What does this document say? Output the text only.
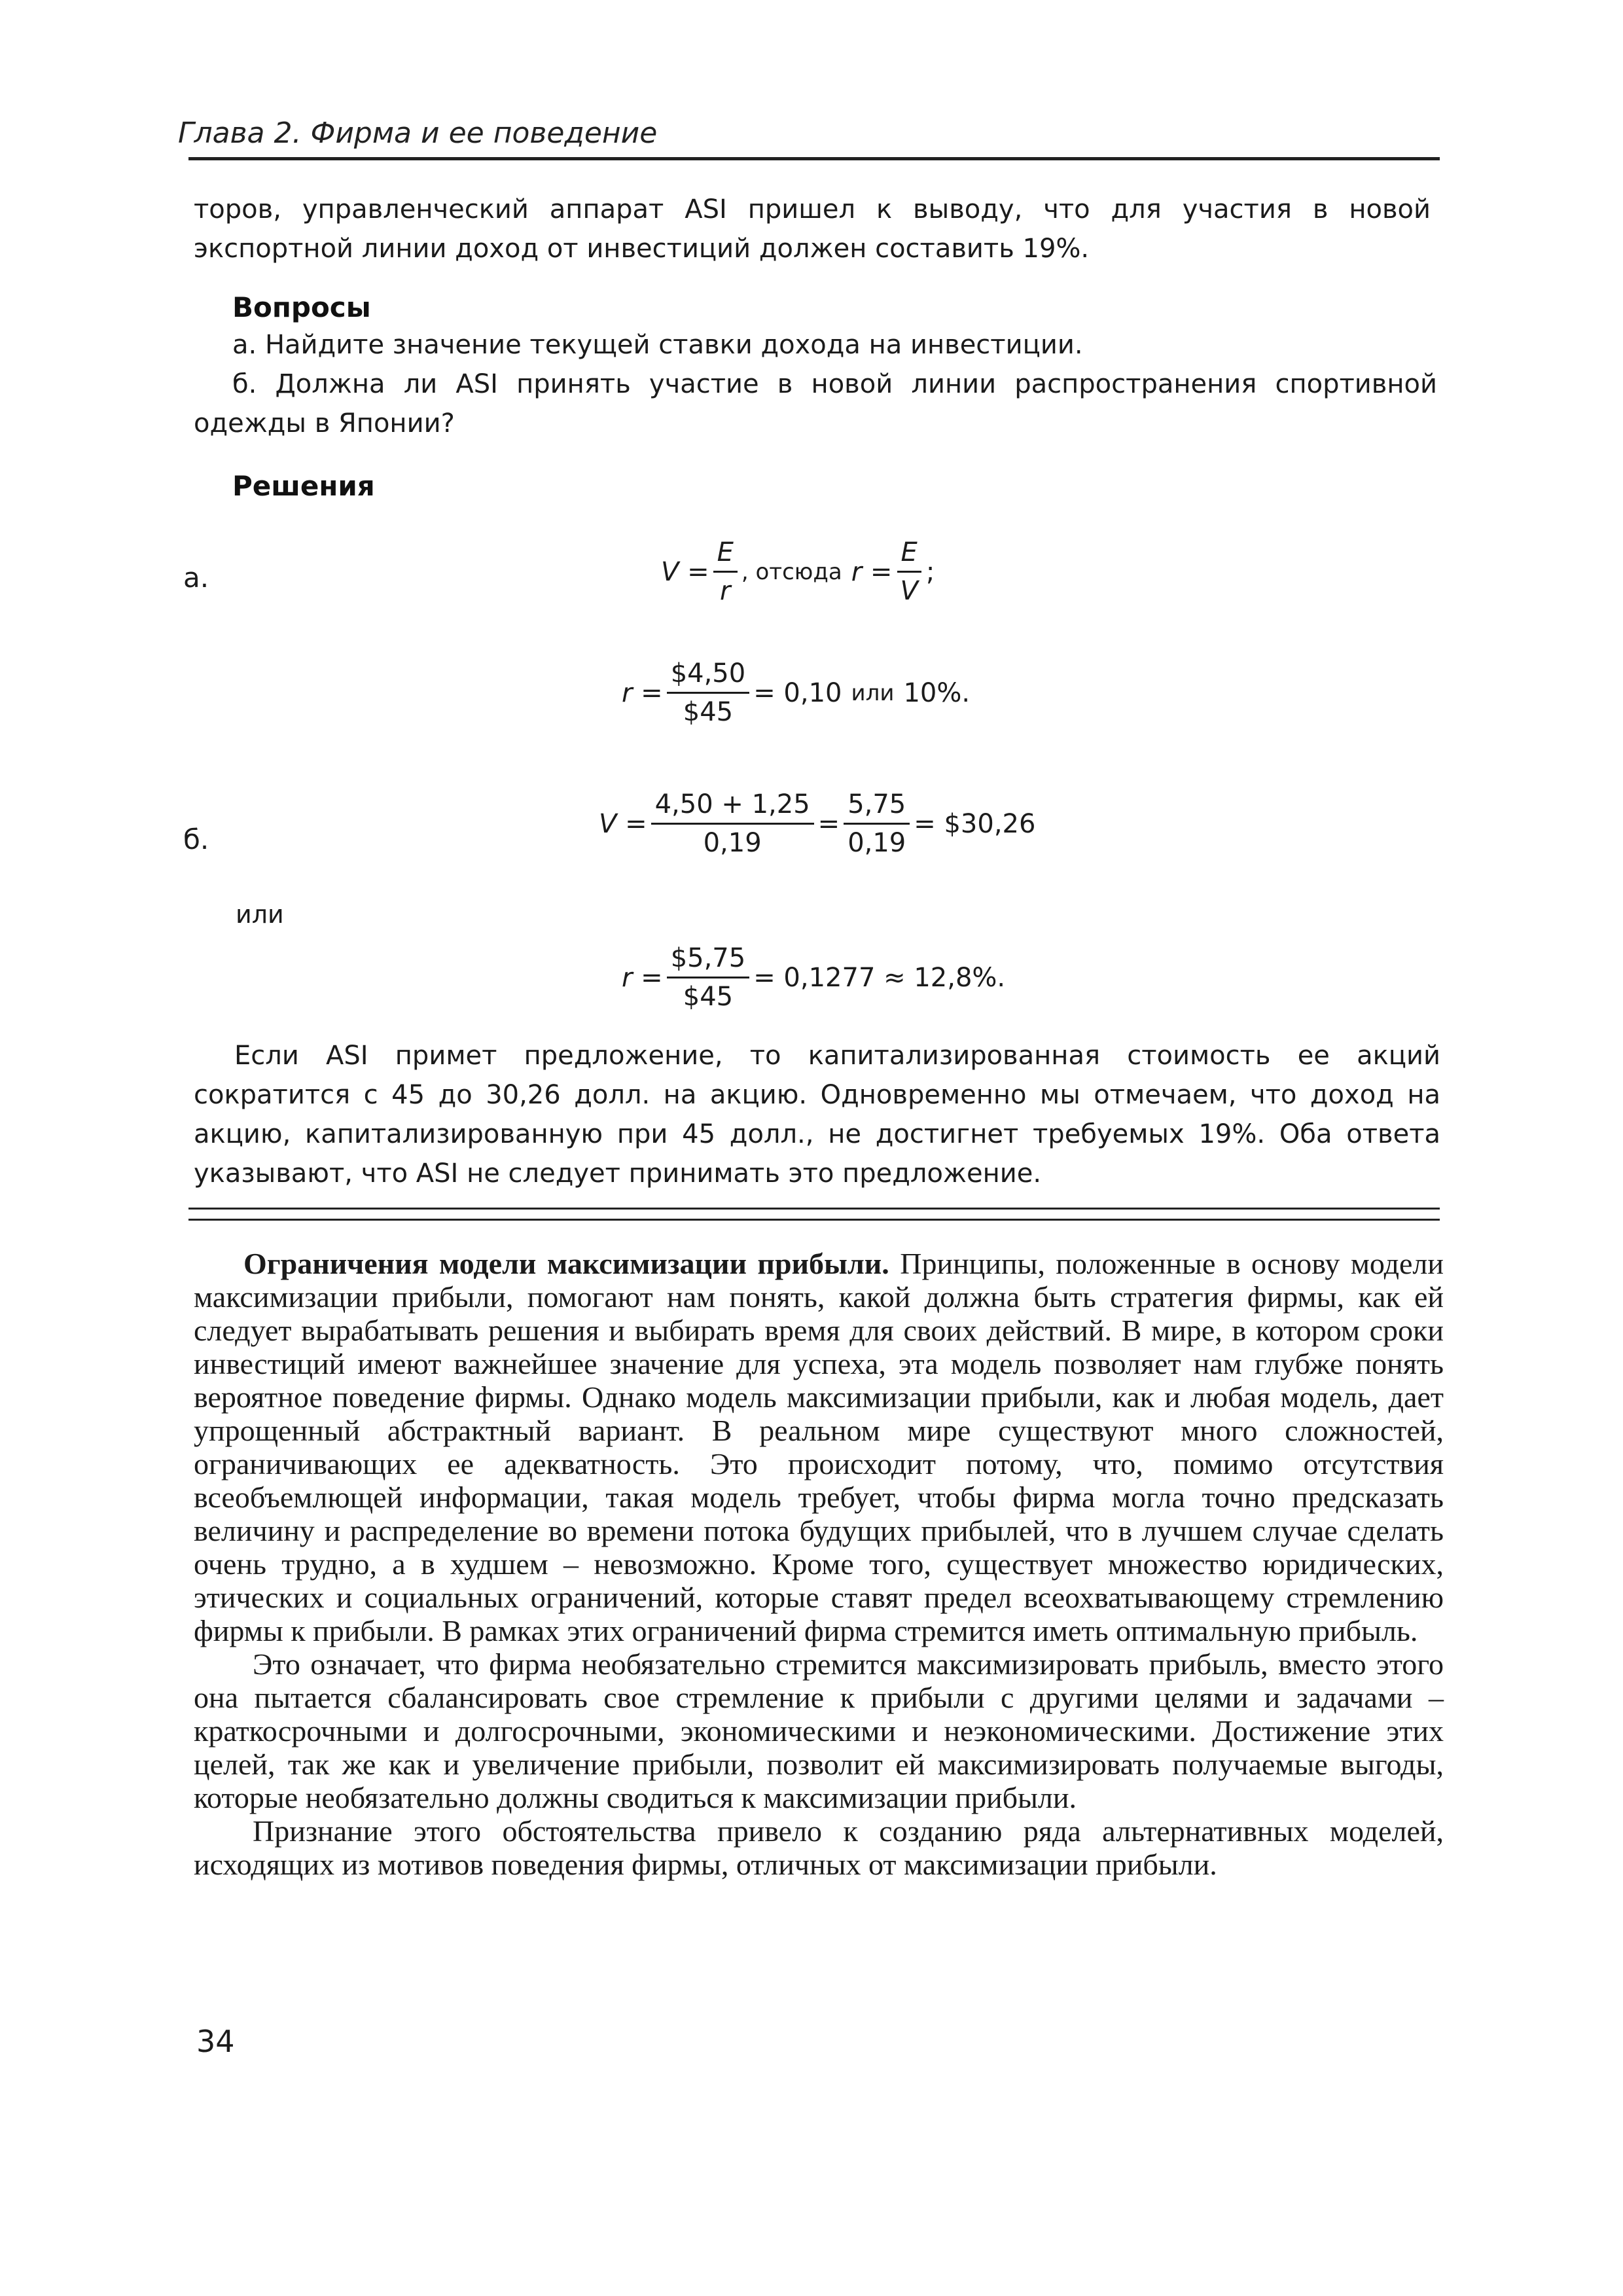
Глава 2. Фирма и ее поведение
торов, управленческий аппарат ASI пришел к выводу, что для участия в новой экспортной линии доход от инвестиций должен составить 19%.
Вопросы
а. Найдите значение текущей ставки дохода на инвестиции.
б. Должна ли ASI принять участие в новой линии распространения спортивной одежды в Японии?
Решения
а.	$V = \frac{E}{r}$ , отсюда $r = \frac{E}{V}$ ;
$r = \frac{\$4,50}{\$45} = 0,10$ или 10%.
б.	$V = \frac{4,50 + 1,25}{0,19} = \frac{5,75}{0,19}$ = $30,26
или
$r = \frac{\$5,75}{\$45} = 0,1277 \approx 12,8\%$.
Если ASI примет предложение, то капитализированная стоимость ее акций сократится с 45 до 30,26 долл. на акцию. Одновременно мы отмечаем, что доход на акцию, капитализированную при 45 долл., не достигнет требуемых 19%. Оба ответа указывают, что ASI не следует принимать это предложение.

Ограничения модели максимизации прибыли. Принципы, положенные в основу модели максимизации прибыли, помогают нам понять, какой должна быть стратегия фирмы, как ей следует вырабатывать решения и выбирать время для своих действий. В мире, в котором сроки инвестиций имеют важнейшее значение для успеха, эта модель позволяет нам глубже понять вероятное поведение фирмы. Однако модель максимизации прибыли, как и любая модель, дает упрощенный абстрактный вариант. В реальном мире существуют много сложностей, ограничивающих ее адекватность. Это происходит потому, что, помимо отсутствия всеобъемлющей информации, такая модель требует, чтобы фирма могла точно предсказать величину и распределение во времени потока будущих прибылей, что в лучшем случае сделать очень трудно, а в худшем – невозможно. Кроме того, существует множество юридических, этических и социальных ограничений, которые ставят предел всеохватывающему стремлению фирмы к прибыли. В рамках этих ограничений фирма стремится иметь оптимальную прибыль.

Это означает, что фирма необязательно стремится максимизировать прибыль, вместо этого она пытается сбалансировать свое стремление к прибыли с другими целями и задачами – краткосрочными и долгосрочными, экономическими и неэкономическими. Достижение этих целей, так же как и увеличение прибыли, позволит ей максимизировать получаемые выгоды, которые необязательно должны сводиться к максимизации прибыли.

Признание этого обстоятельства привело к созданию ряда альтернативных моделей, исходящих из мотивов поведения фирмы, отличных от максимизации прибыли.

34
